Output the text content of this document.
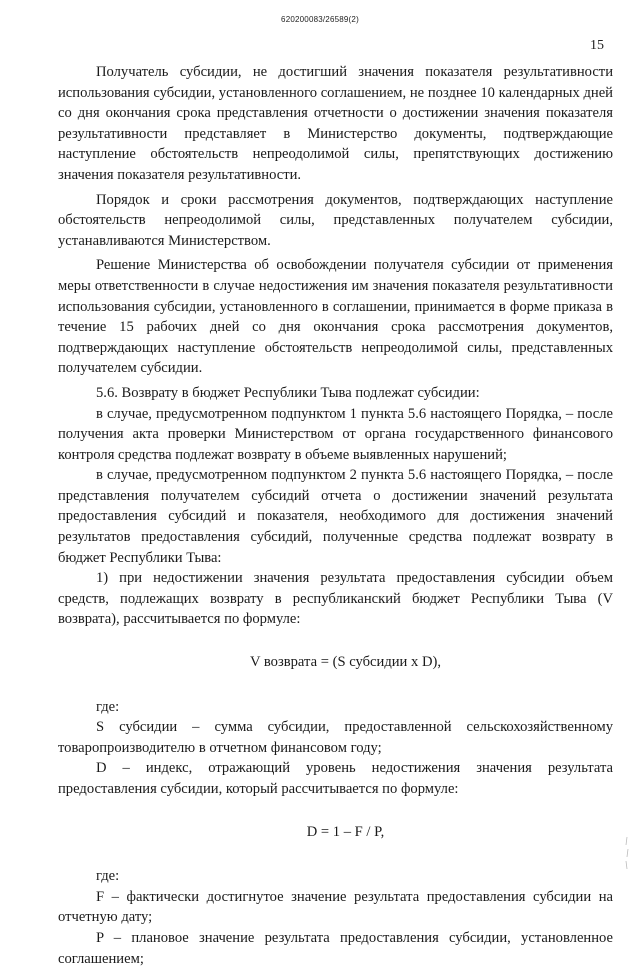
620200083/26589(2)
15

Получатель субсидии, не достигший значения показателя результативности использования субсидии, установленного соглашением, не позднее 10 календарных дней со дня окончания срока представления отчетности о достижении значения показателя результативности представляет в Министерство документы, подтверждающие наступление обстоятельств непреодолимой силы, препятствующих достижению значения показателя результативности.

Порядок и сроки рассмотрения документов, подтверждающих наступление обстоятельств непреодолимой силы, представленных получателем субсидии, устанавливаются Министерством.

Решение Министерства об освобождении получателя субсидии от применения меры ответственности в случае недостижения им значения показателя результативности использования субсидии, установленного в соглашении, принимается в форме приказа в течение 15 рабочих дней со дня окончания срока рассмотрения документов, подтверждающих наступление обстоятельств непреодолимой силы, представленных получателем субсидии.

5.6. Возврату в бюджет Республики Тыва подлежат субсидии:

в случае, предусмотренном подпунктом 1 пункта 5.6 настоящего Порядка, – после получения акта проверки Министерством от органа государственного финансового контроля средства подлежат возврату в объеме выявленных нарушений;

в случае, предусмотренном подпунктом 2 пункта 5.6 настоящего Порядка, – после представления получателем субсидий отчета о достижении значений результата предоставления субсидий и показателя, необходимого для достижения значений результатов предоставления субсидий, полученные средства подлежат возврату в бюджет Республики Тыва:

1) при недостижении значения результата предоставления субсидии объем средств, подлежащих возврату в республиканский бюджет Республики Тыва (V возврата), рассчитывается по формуле:

V возврата = (S субсидии x D),

где:

S субсидии – сумма субсидии, предоставленной сельскохозяйственному товаропроизводителю в отчетном финансовом году;

D – индекс, отражающий уровень недостижения значения результата предоставления субсидии, который рассчитывается по формуле:

D = 1 – F / P,

где:

F – фактически достигнутое значение результата предоставления субсидии на отчетную дату;

P – плановое значение результата предоставления субсидии, установленное соглашением;
